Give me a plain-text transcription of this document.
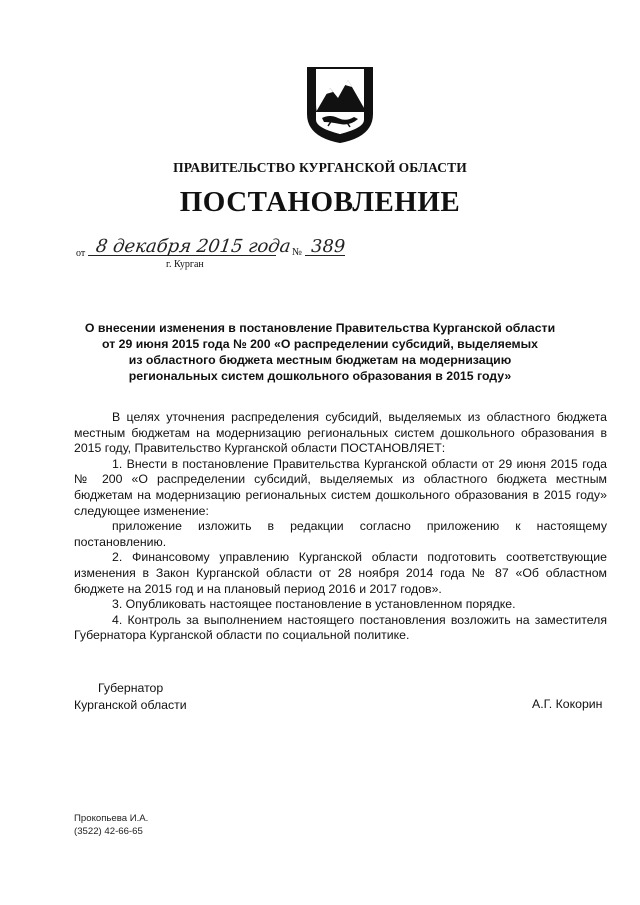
ПРАВИТЕЛЬСТВО КУРГАНСКОЙ ОБЛАСТИ
ПОСТАНОВЛЕНИЕ
от 8 декабря 2015 года № 389
г. Курган
О внесении изменения в постановление Правительства Курганской области
от 29 июня 2015 года № 200 «О распределении субсидий, выделяемых
из областного бюджета местным бюджетам на модернизацию
региональных систем дошкольного образования в 2015 году»

В целях уточнения распределения субсидий, выделяемых из областного бюджета местным бюджетам на модернизацию региональных систем дошкольного образования в 2015 году, Правительство Курганской области ПОСТАНОВЛЯЕТ:

1. Внести в постановление Правительства Курганской области от 29 июня 2015 года № 200 «О распределении субсидий, выделяемых из областного бюджета местным бюджетам на модернизацию региональных систем дошкольного образования в 2015 году» следующее изменение:

приложение изложить в редакции согласно приложению к настоящему постановлению.

2. Финансовому управлению Курганской области подготовить соответствующие изменения в Закон Курганской области от 28 ноября 2014 года № 87 «Об областном бюджете на 2015 год и на плановый период 2016 и 2017 годов».

3. Опубликовать настоящее постановление в установленном порядке.

4. Контроль за выполнением настоящего постановления возложить на заместителя Губернатора Курганской области по социальной политике.

Губернатор
Курганской области	А.Г. Кокорин
Прокопьева И.А.
(3522) 42-66-65
